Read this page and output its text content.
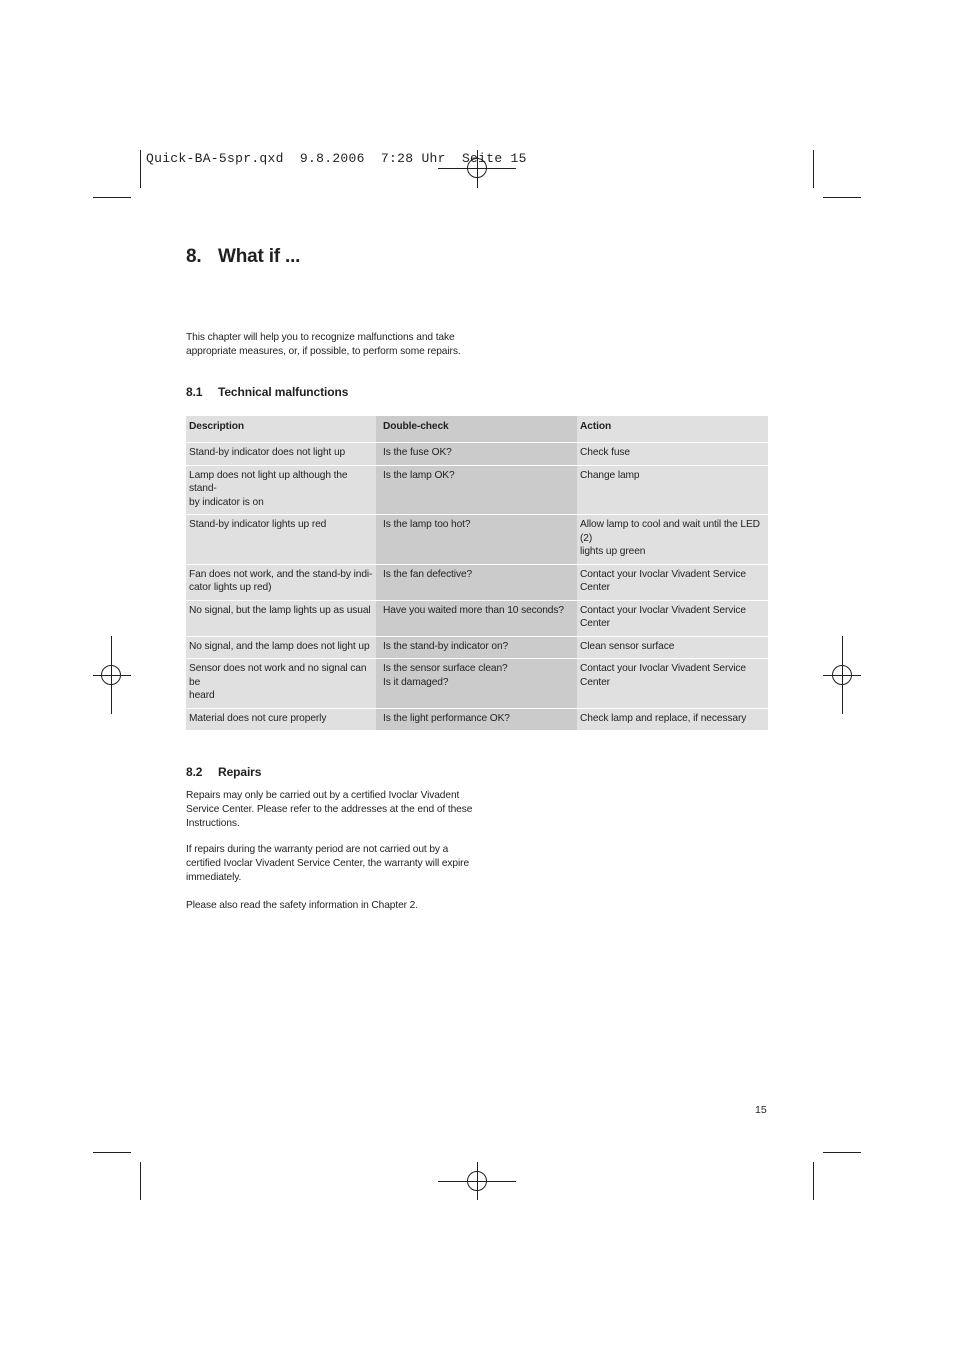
Quick-BA-5spr.qxd  9.8.2006  7:28 Uhr  Seite 15
8. What if ...

This chapter will help you to recognize malfunctions and take
appropriate measures, or, if possible, to perform some repairs.

8.1 Technical malfunctions
Description	Double-check	Action

Stand-by indicator does not light up	Is the fuse OK?	Check fuse

Lamp does not light up although the stand-
by indicator is on	Is the lamp OK?	Change lamp

Stand-by indicator lights up red	Is the lamp too hot?	Allow lamp to cool and wait until the LED (2)
lights up green

Fan does not work, and the stand-by indi-
cator lights up red)	Is the fan defective?	Contact your Ivoclar Vivadent Service
Center

No signal, but the lamp lights up as usual	Have you waited more than 10 seconds?	Contact your Ivoclar Vivadent Service
Center

No signal, and the lamp does not light up	Is the stand-by indicator on?	Clean sensor surface

Sensor does not work and no signal can be
heard	Is the sensor surface clean?
Is it damaged?	Contact your Ivoclar Vivadent Service
Center

Material does not cure properly	Is the light performance OK?	Check lamp and replace, if necessary
8.2 Repairs

Repairs may only be carried out by a certified Ivoclar Vivadent
Service Center. Please refer to the addresses at the end of these
Instructions.

If repairs during the warranty period are not carried out by a
certified Ivoclar Vivadent Service Center, the warranty will expire
immediately.

Please also read the safety information in Chapter 2.

15
